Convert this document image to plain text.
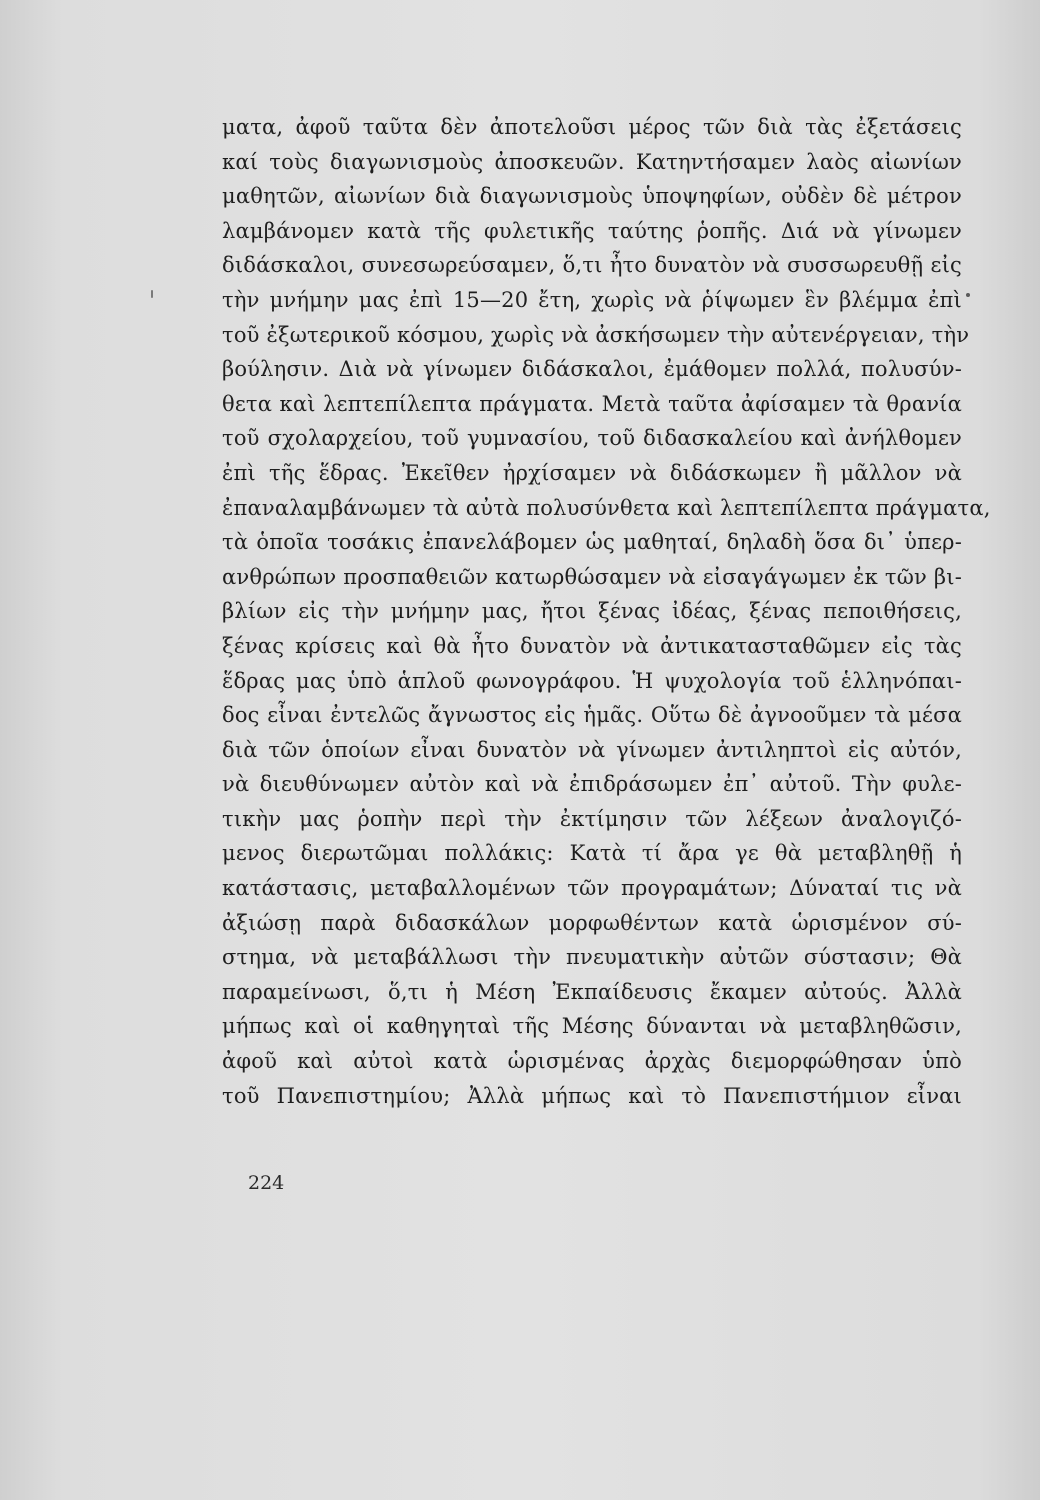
ματα, ἀφοῦ ταῦτα δὲν ἀποτελοῦσι μέρος τῶν διὰ τὰς ἐξετάσεις
καί τοὺς διαγωνισμοὺς ἀποσκευῶν. Κατηντήσαμεν λαὸς αἰωνίων
μαθητῶν, αἰωνίων διὰ διαγωνισμοὺς ὑποψηφίων, οὐδὲν δὲ μέτρον
λαμβάνομεν κατὰ τῆς φυλετικῆς ταύτης ῥοπῆς. Διά νὰ γίνωμεν
διδάσκαλοι, συνεσωρεύσαμεν, ὅ,τι ἦτο δυνατὸν νὰ συσσωρευθῇ εἰς
τὴν μνήμην μας ἐπὶ 15—20 ἔτη, χωρὶς νὰ ῥίψωμεν ἓν βλέμμα ἐπὶ
τοῦ ἐξωτερικοῦ κόσμου, χωρὶς νὰ ἀσκήσωμεν τὴν αὐτενέργειαν, τὴν
βούλησιν. Διὰ νὰ γίνωμεν διδάσκαλοι, ἐμάθομεν πολλά, πολυσύν-
θετα καὶ λεπτεπίλεπτα πράγματα. Μετὰ ταῦτα ἀφίσαμεν τὰ θρανία
τοῦ σχολαρχείου, τοῦ γυμνασίου, τοῦ διδασκαλείου καὶ ἀνήλθομεν
ἐπὶ τῆς ἕδρας. Ἐκεῖθεν ἠρχίσαμεν νὰ διδάσκωμεν ἢ μᾶλλον νὰ
ἐπαναλαμβάνωμεν τὰ αὐτὰ πολυσύνθετα καὶ λεπτεπίλεπτα πράγματα,
τὰ ὁποῖα τοσάκις ἐπανελάβομεν ὡς μαθηταί, δηλαδὴ ὅσα δι᾽ ὑπερ-
ανθρώπων προσπαθειῶν κατωρθώσαμεν νὰ εἰσαγάγωμεν ἐκ τῶν βι-
βλίων εἰς τὴν μνήμην μας, ἤτοι ξένας ἰδέας, ξένας πεποιθήσεις,
ξένας κρίσεις καὶ θὰ ἦτο δυνατὸν νὰ ἀντικατασταθῶμεν εἰς τὰς
ἕδρας μας ὑπὸ ἁπλοῦ φωνογράφου. Ἡ ψυχολογία τοῦ ἑλληνόπαι-
δος εἶναι ἐντελῶς ἄγνωστος εἰς ἡμᾶς. Οὕτω δὲ ἀγνοοῦμεν τὰ μέσα
διὰ τῶν ὁποίων εἶναι δυνατὸν νὰ γίνωμεν ἀντιληπτοὶ εἰς αὐτόν,
νὰ διευθύνωμεν αὐτὸν καὶ νὰ ἐπιδράσωμεν ἐπ᾽ αὐτοῦ. Τὴν φυλε-
τικὴν μας ῥοπὴν περὶ τὴν ἐκτίμησιν τῶν λέξεων ἀναλογιζό-
μενος διερωτῶμαι πολλάκις: Κατὰ τί ἄρα γε θὰ μεταβληθῇ ἡ
κατάστασις, μεταβαλλομένων τῶν προγραμάτων; Δύναταί τις νὰ
ἀξιώσῃ παρὰ διδασκάλων μορφωθέντων κατὰ ὡρισμένον σύ-
στημα, νὰ μεταβάλλωσι τὴν πνευματικὴν αὐτῶν σύστασιν; Θὰ
παραμείνωσι, ὅ,τι ἡ Μέση Ἐκπαίδευσις ἔκαμεν αὐτούς. Ἀλλὰ
μήπως καὶ οἱ καθηγηταὶ τῆς Μέσης δύνανται νὰ μεταβληθῶσιν,
ἀφοῦ καὶ αὐτοὶ κατὰ ὡρισμένας ἀρχὰς διεμορφώθησαν ὑπὸ
τοῦ Πανεπιστημίου; Ἀλλὰ μήπως καὶ τὸ Πανεπιστήμιον εἶναι
224
